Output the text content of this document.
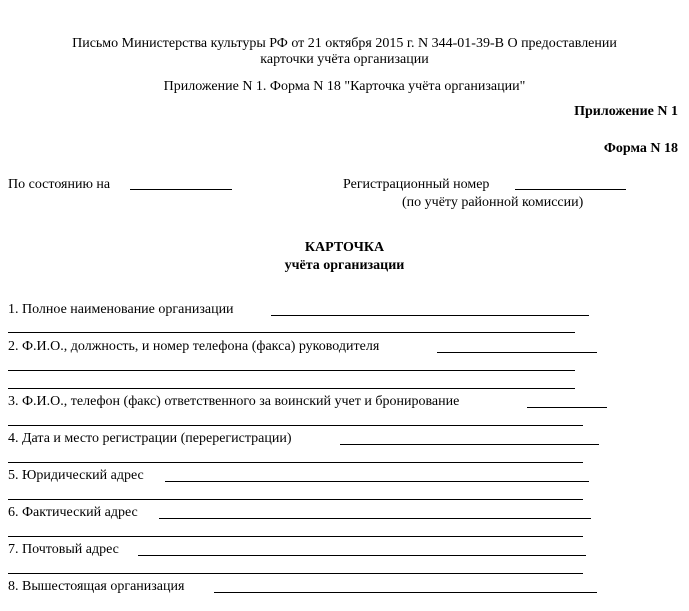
Письмо Министерства культуры РФ от 21 октября 2015 г. N 344-01-39-В О предоставлении
карточки учёта организации
Приложение N 1. Форма N 18 "Карточка учёта организации"
Приложение N 1
Форма N 18
По состоянию на	Регистрационный номер
(по учёту районной комиссии)
КАРТОЧКА
учёта организации
1. Полное наименование организации
2. Ф.И.О., должность, и номер телефона (факса) руководителя
3. Ф.И.О., телефон (факс) ответственного за воинский учет и бронирование
4. Дата и место регистрации (перерегистрации)
5. Юридический адрес
6. Фактический адрес
7. Почтовый адрес
8. Вышестоящая организация
